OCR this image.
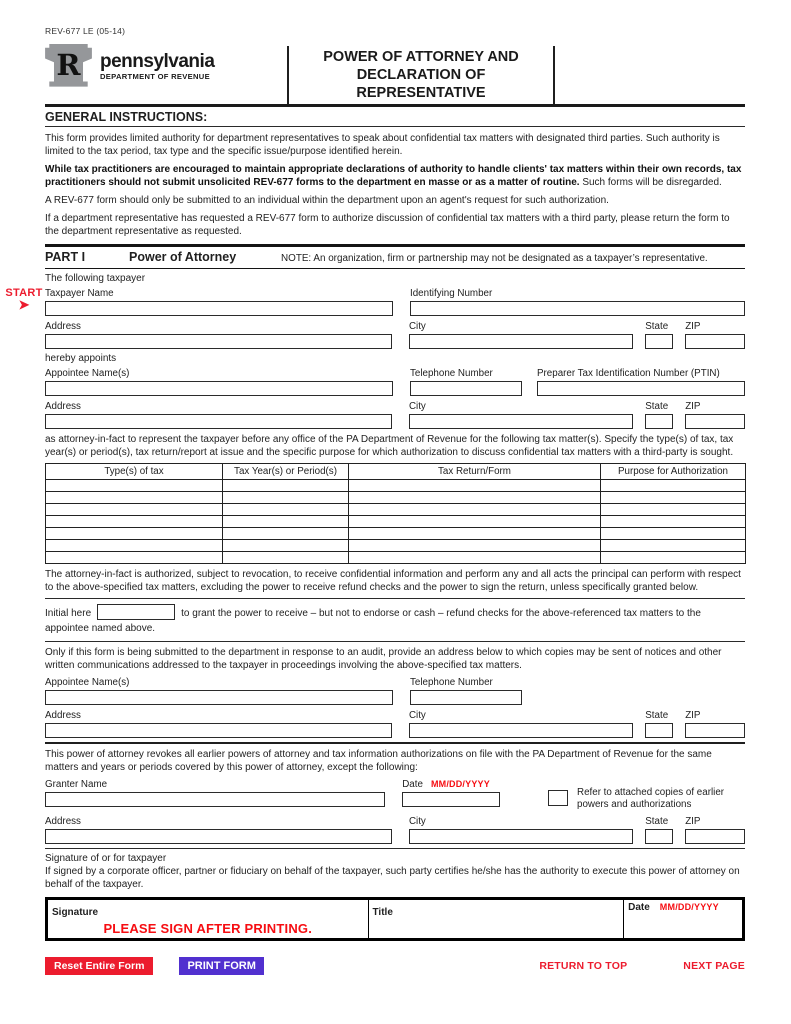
REV-677 LE (05-14)
R pennsylvania
DEPARTMENT OF REVENUE
POWER OF ATTORNEY AND
DECLARATION OF
REPRESENTATIVE
GENERAL INSTRUCTIONS:

This form provides limited authority for department representatives to speak about confidential tax matters with designated third parties. Such authority is limited to the tax period, tax type and the specific issue/purpose identified herein.

While tax practitioners are encouraged to maintain appropriate declarations of authority to handle clients' tax matters within their own records, tax practitioners should not submit unsolicited REV-677 forms to the department en masse or as a matter of routine. Such forms will be disregarded.

A REV-677 form should only be submitted to an individual within the department upon an agent's request for such authorization.

If a department representative has requested a REV-677 form to authorize discussion of confidential tax matters with a third party, please return the form to the department representative as requested.

PART I	Power of Attorney	NOTE: An organization, firm or partnership may not be designated as a taxpayer’s representative.
The following taxpayer
Taxpayer Name	Identifying Number
Address	City	State	ZIP
hereby appoints
Appointee Name(s)	Telephone Number	Preparer Tax Identification Number (PTIN)
Address	City	State	ZIP

as attorney-in-fact to represent the taxpayer before any office of the PA Department of Revenue for the following tax matter(s). Specify the type(s) of tax, tax year(s) or period(s), tax return/report at issue and the specific purpose for which authorization to discuss confidential tax matters with a third-party is sought.

Type(s) of tax	Tax Year(s) or Period(s)	Tax Return/Form	Purpose for Authorization

The attorney-in-fact is authorized, subject to revocation, to receive confidential information and perform any and all acts the principal can perform with respect to the above-specified tax matters, excluding the power to receive refund checks and the power to sign the return, unless specifically granted below.

Initial here	to grant the power to receive – but not to endorse or cash – refund checks for the above-referenced tax matters to the appointee named above.

Only if this form is being submitted to the department in response to an audit, provide an address below to which copies may be sent of notices and other written communications addressed to the taxpayer in proceedings involving the above-specified tax matters.

Appointee Name(s)	Telephone Number
Address	City	State	ZIP

This power of attorney revokes all earlier powers of attorney and tax information authorizations on file with the PA Department of Revenue for the same matters and years or periods covered by this power of attorney, except the following:

Granter Name	Date MM/DD/YYYY
Refer to attached copies of earlier powers and authorizations
Address	City	State	ZIP
Signature of or for taxpayer

If signed by a corporate officer, partner or fiduciary on behalf of the taxpayer, such party certifies he/she has the authority to execute this power of attorney on behalf of the taxpayer.

Signature
PLEASE SIGN AFTER PRINTING.
	Title	Date MM/DD/YYYY
Reset Entire Form	PRINT FORM	RETURN TO TOP	NEXT PAGE
START
➤
